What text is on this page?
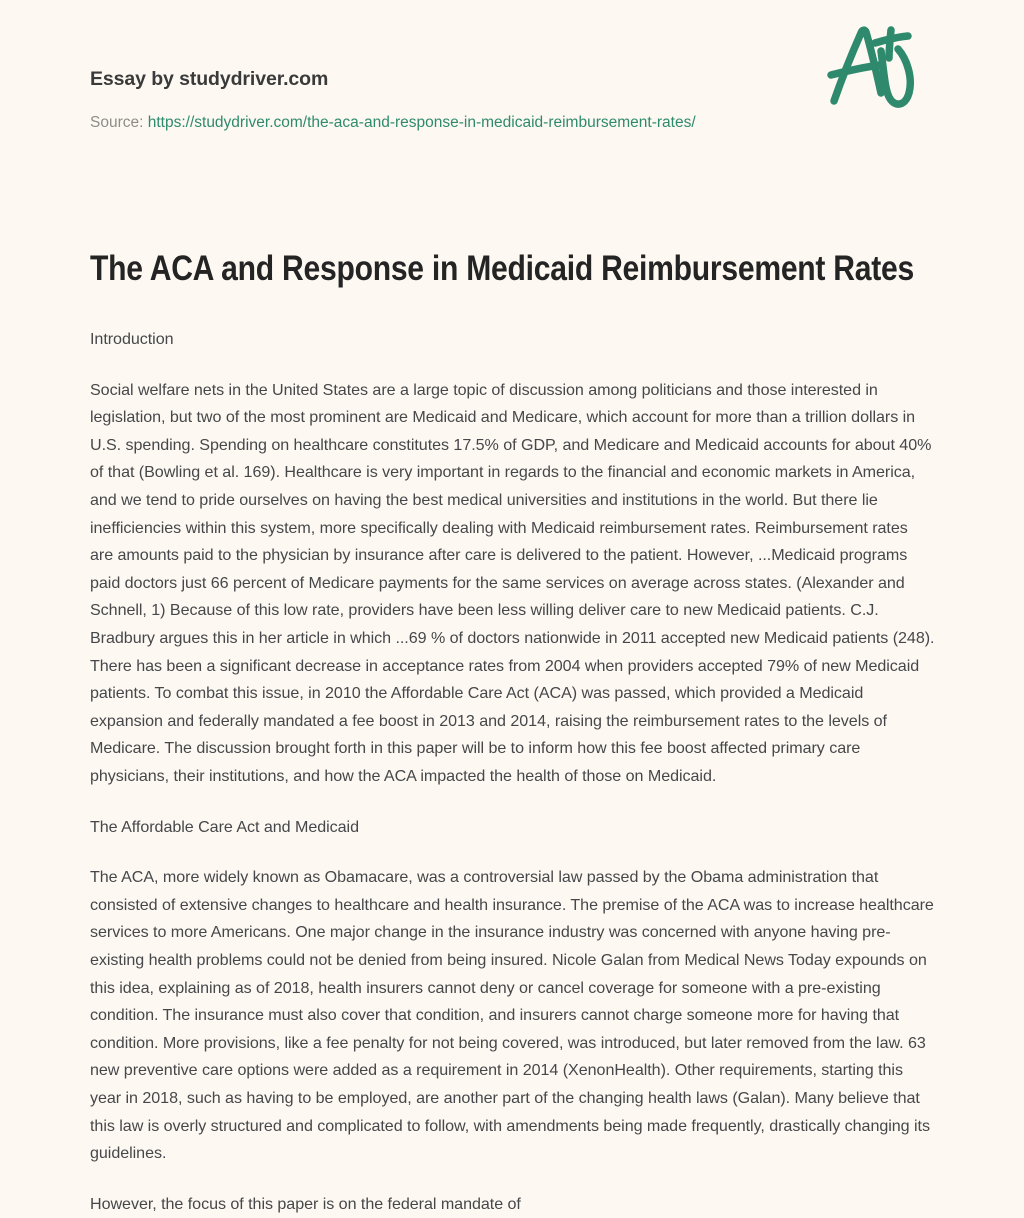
Essay by studydriver.com
Source: https://studydriver.com/the-aca-and-response-in-medicaid-reimbursement-rates/
The ACA and Response in Medicaid Reimbursement Rates

Introduction

Social welfare nets in the United States are a large topic of discussion among politicians and those interested in legislation, but two of the most prominent are Medicaid and Medicare, which account for more than a trillion dollars in U.S. spending. Spending on healthcare constitutes 17.5% of GDP, and Medicare and Medicaid accounts for about 40% of that (Bowling et al. 169). Healthcare is very important in regards to the financial and economic markets in America, and we tend to pride ourselves on having the best medical universities and institutions in the world. But there lie inefficiencies within this system, more specifically dealing with Medicaid reimbursement rates. Reimbursement rates are amounts paid to the physician by insurance after care is delivered to the patient. However, ...Medicaid programs paid doctors just 66 percent of Medicare payments for the same services on average across states. (Alexander and Schnell, 1) Because of this low rate, providers have been less willing deliver care to new Medicaid patients. C.J. Bradbury argues this in her article in which ...69 % of doctors nationwide in 2011 accepted new Medicaid patients (248). There has been a significant decrease in acceptance rates from 2004 when providers accepted 79% of new Medicaid patients. To combat this issue, in 2010 the Affordable Care Act (ACA) was passed, which provided a Medicaid expansion and federally mandated a fee boost in 2013 and 2014, raising the reimbursement rates to the levels of Medicare. The discussion brought forth in this paper will be to inform how this fee boost affected primary care physicians, their institutions, and how the ACA impacted the health of those on Medicaid.

The Affordable Care Act and Medicaid

The ACA, more widely known as Obamacare, was a controversial law passed by the Obama administration that consisted of extensive changes to healthcare and health insurance. The premise of the ACA was to increase healthcare services to more Americans. One major change in the insurance industry was concerned with anyone having pre-existing health problems could not be denied from being insured. Nicole Galan from Medical News Today expounds on this idea, explaining as of 2018, health insurers cannot deny or cancel coverage for someone with a pre-existing condition. The insurance must also cover that condition, and insurers cannot charge someone more for having that condition. More provisions, like a fee penalty for not being covered, was introduced, but later removed from the law. 63 new preventive care options were added as a requirement in 2014 (XenonHealth). Other requirements, starting this year in 2018, such as having to be employed, are another part of the changing health laws (Galan). Many believe that this law is overly structured and complicated to follow, with amendments being made frequently, drastically changing its guidelines.

However, the focus of this paper is on the federal mandate of
